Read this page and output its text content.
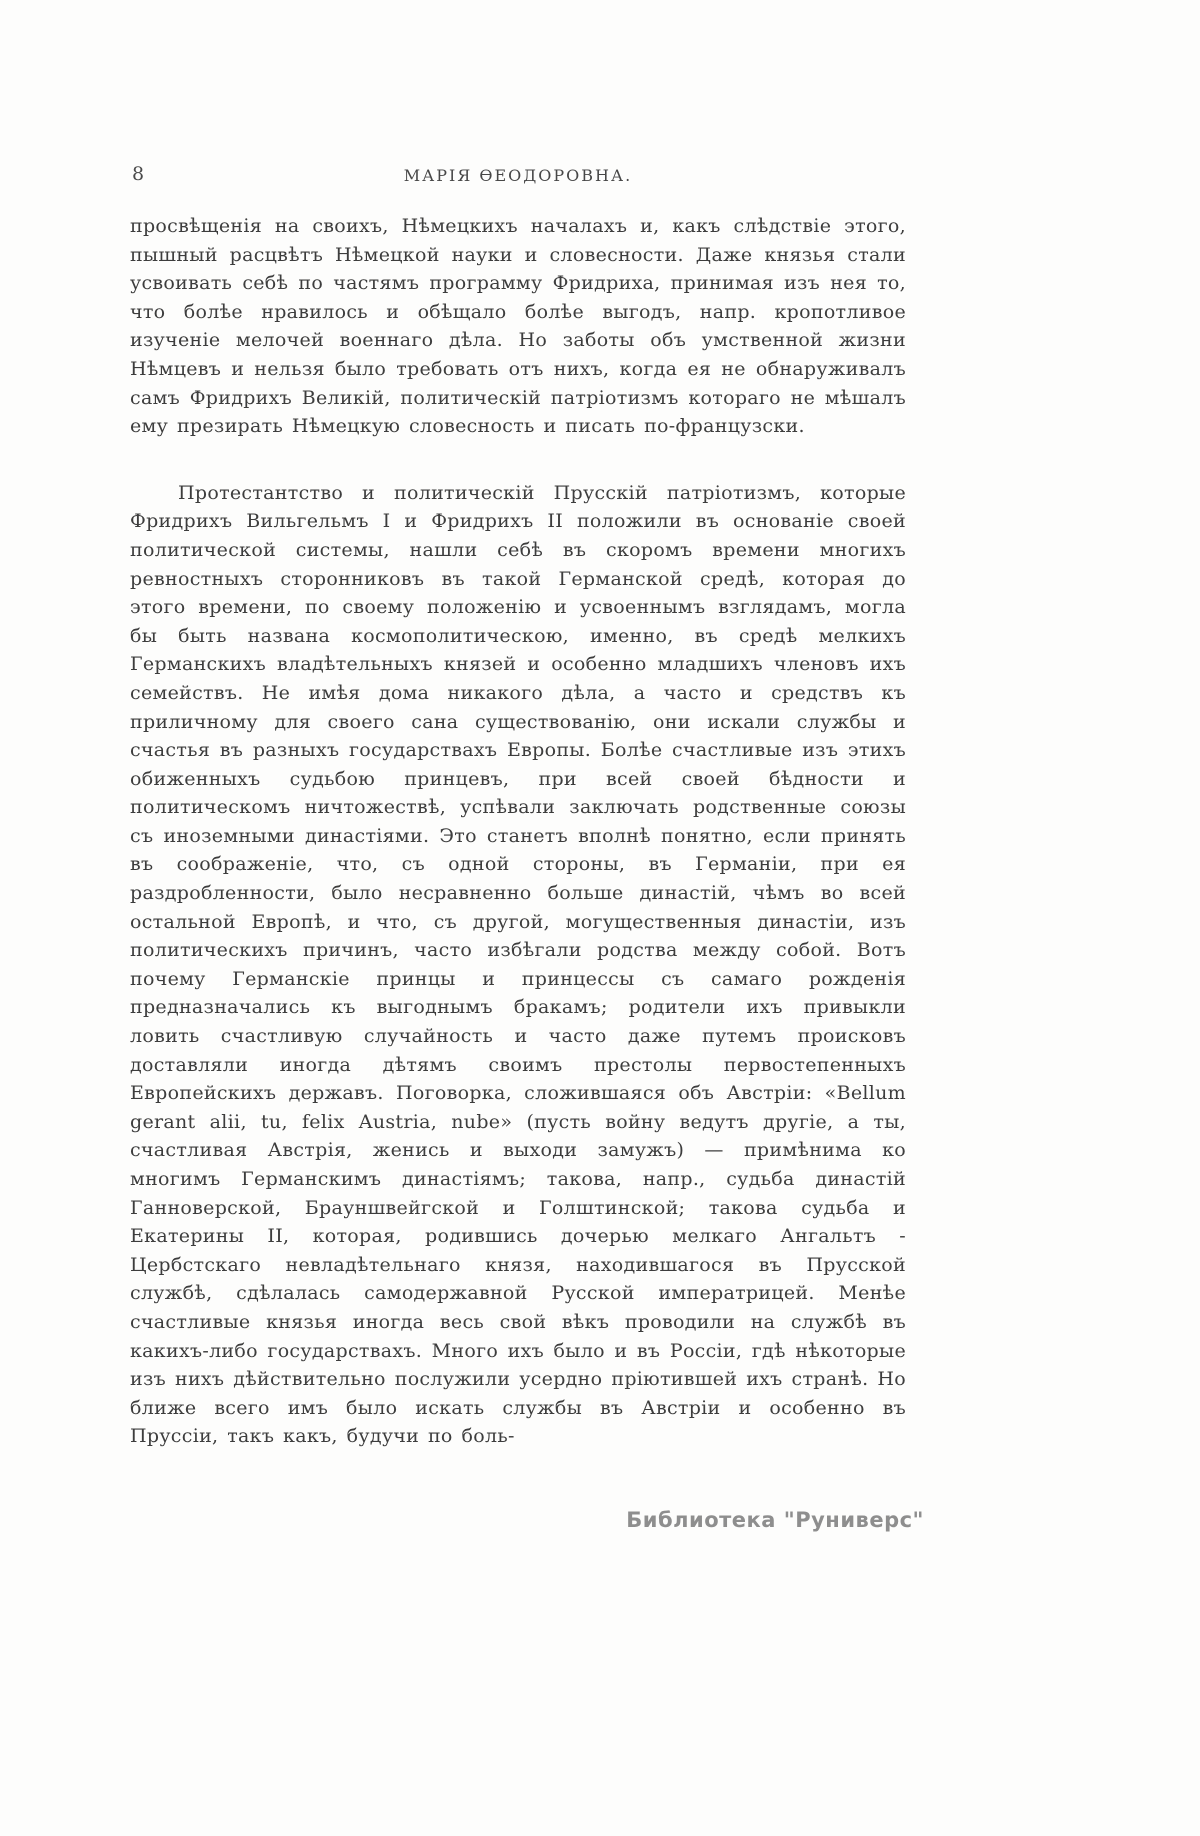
8	МАРІЯ ѲЕОДОРОВНА.

просвѣщенія на своихъ, Нѣмецкихъ началахъ и, какъ слѣдствіе этого, пышный расцвѣтъ Нѣмецкой науки и словесности. Даже князья стали усвоивать себѣ по частямъ программу Фридриха, принимая изъ нея то, что болѣе нравилось и обѣщало болѣе выгодъ, напр. кропотливое изученіе мелочей военнаго дѣла. Но заботы объ умственной жизни Нѣмцевъ и нельзя было требовать отъ нихъ, когда ея не обнаруживалъ самъ Фридрихъ Великій, политическій патріотизмъ котораго не мѣшалъ ему презирать Нѣмецкую словесность и писать по-французски.

Протестантство и политическій Прусскій патріотизмъ, которые Фридрихъ Вильгельмъ I и Фридрихъ II положили въ основаніе своей политической системы, нашли себѣ въ скоромъ времени многихъ ревностныхъ сторонниковъ въ такой Германской средѣ, которая до этого времени, по своему положенію и усвоеннымъ взглядамъ, могла бы быть названа космополитическою, именно, въ средѣ мелкихъ Германскихъ владѣтельныхъ князей и особенно младшихъ членовъ ихъ семействъ. Не имѣя дома никакого дѣла, а часто и средствъ къ приличному для своего сана существованію, они искали службы и счастья въ разныхъ государствахъ Европы. Болѣе счастливые изъ этихъ обиженныхъ судьбою принцевъ, при всей своей бѣдности и политическомъ ничтожествѣ, успѣвали заключать родственные союзы съ иноземными династіями. Это станетъ вполнѣ понятно, если принять въ соображеніе, что, съ одной стороны, въ Германіи, при ея раздробленности, было несравненно больше династій, чѣмъ во всей остальной Европѣ, и что, съ другой, могущественныя династіи, изъ политическихъ причинъ, часто избѣгали родства между собой. Вотъ почему Германскіе принцы и принцессы съ самаго рожденія предназначались къ выгоднымъ бракамъ; родители ихъ привыкли ловить счастливую случайность и часто даже путемъ происковъ доставляли иногда дѣтямъ своимъ престолы первостепенныхъ Европейскихъ державъ. Поговорка, сложившаяся объ Австріи: «Bellum gerant alii, tu, felix Austria, nube» (пусть войну ведутъ другіе, а ты, счастливая Австрія, женись и выходи замужъ) — примѣнима ко многимъ Германскимъ династіямъ; такова, напр., судьба династій Ганноверской, Брауншвейгской и Голштинской; такова судьба и Екатерины II, которая, родившись дочерью мелкаго Ангальтъ - Цербстскаго невладѣтельнаго князя, находившагося въ Прусской службѣ, сдѣлалась самодержавной Русской императрицей. Менѣе счастливые князья иногда весь свой вѣкъ проводили на службѣ въ какихъ-либо государствахъ. Много ихъ было и въ Россіи, гдѣ нѣкоторые изъ нихъ дѣйствительно послужили усердно пріютившей ихъ странѣ. Но ближе всего имъ было искать службы въ Австріи и особенно въ Пруссіи, такъ какъ, будучи по боль-

Библиотека "Руниверс"
